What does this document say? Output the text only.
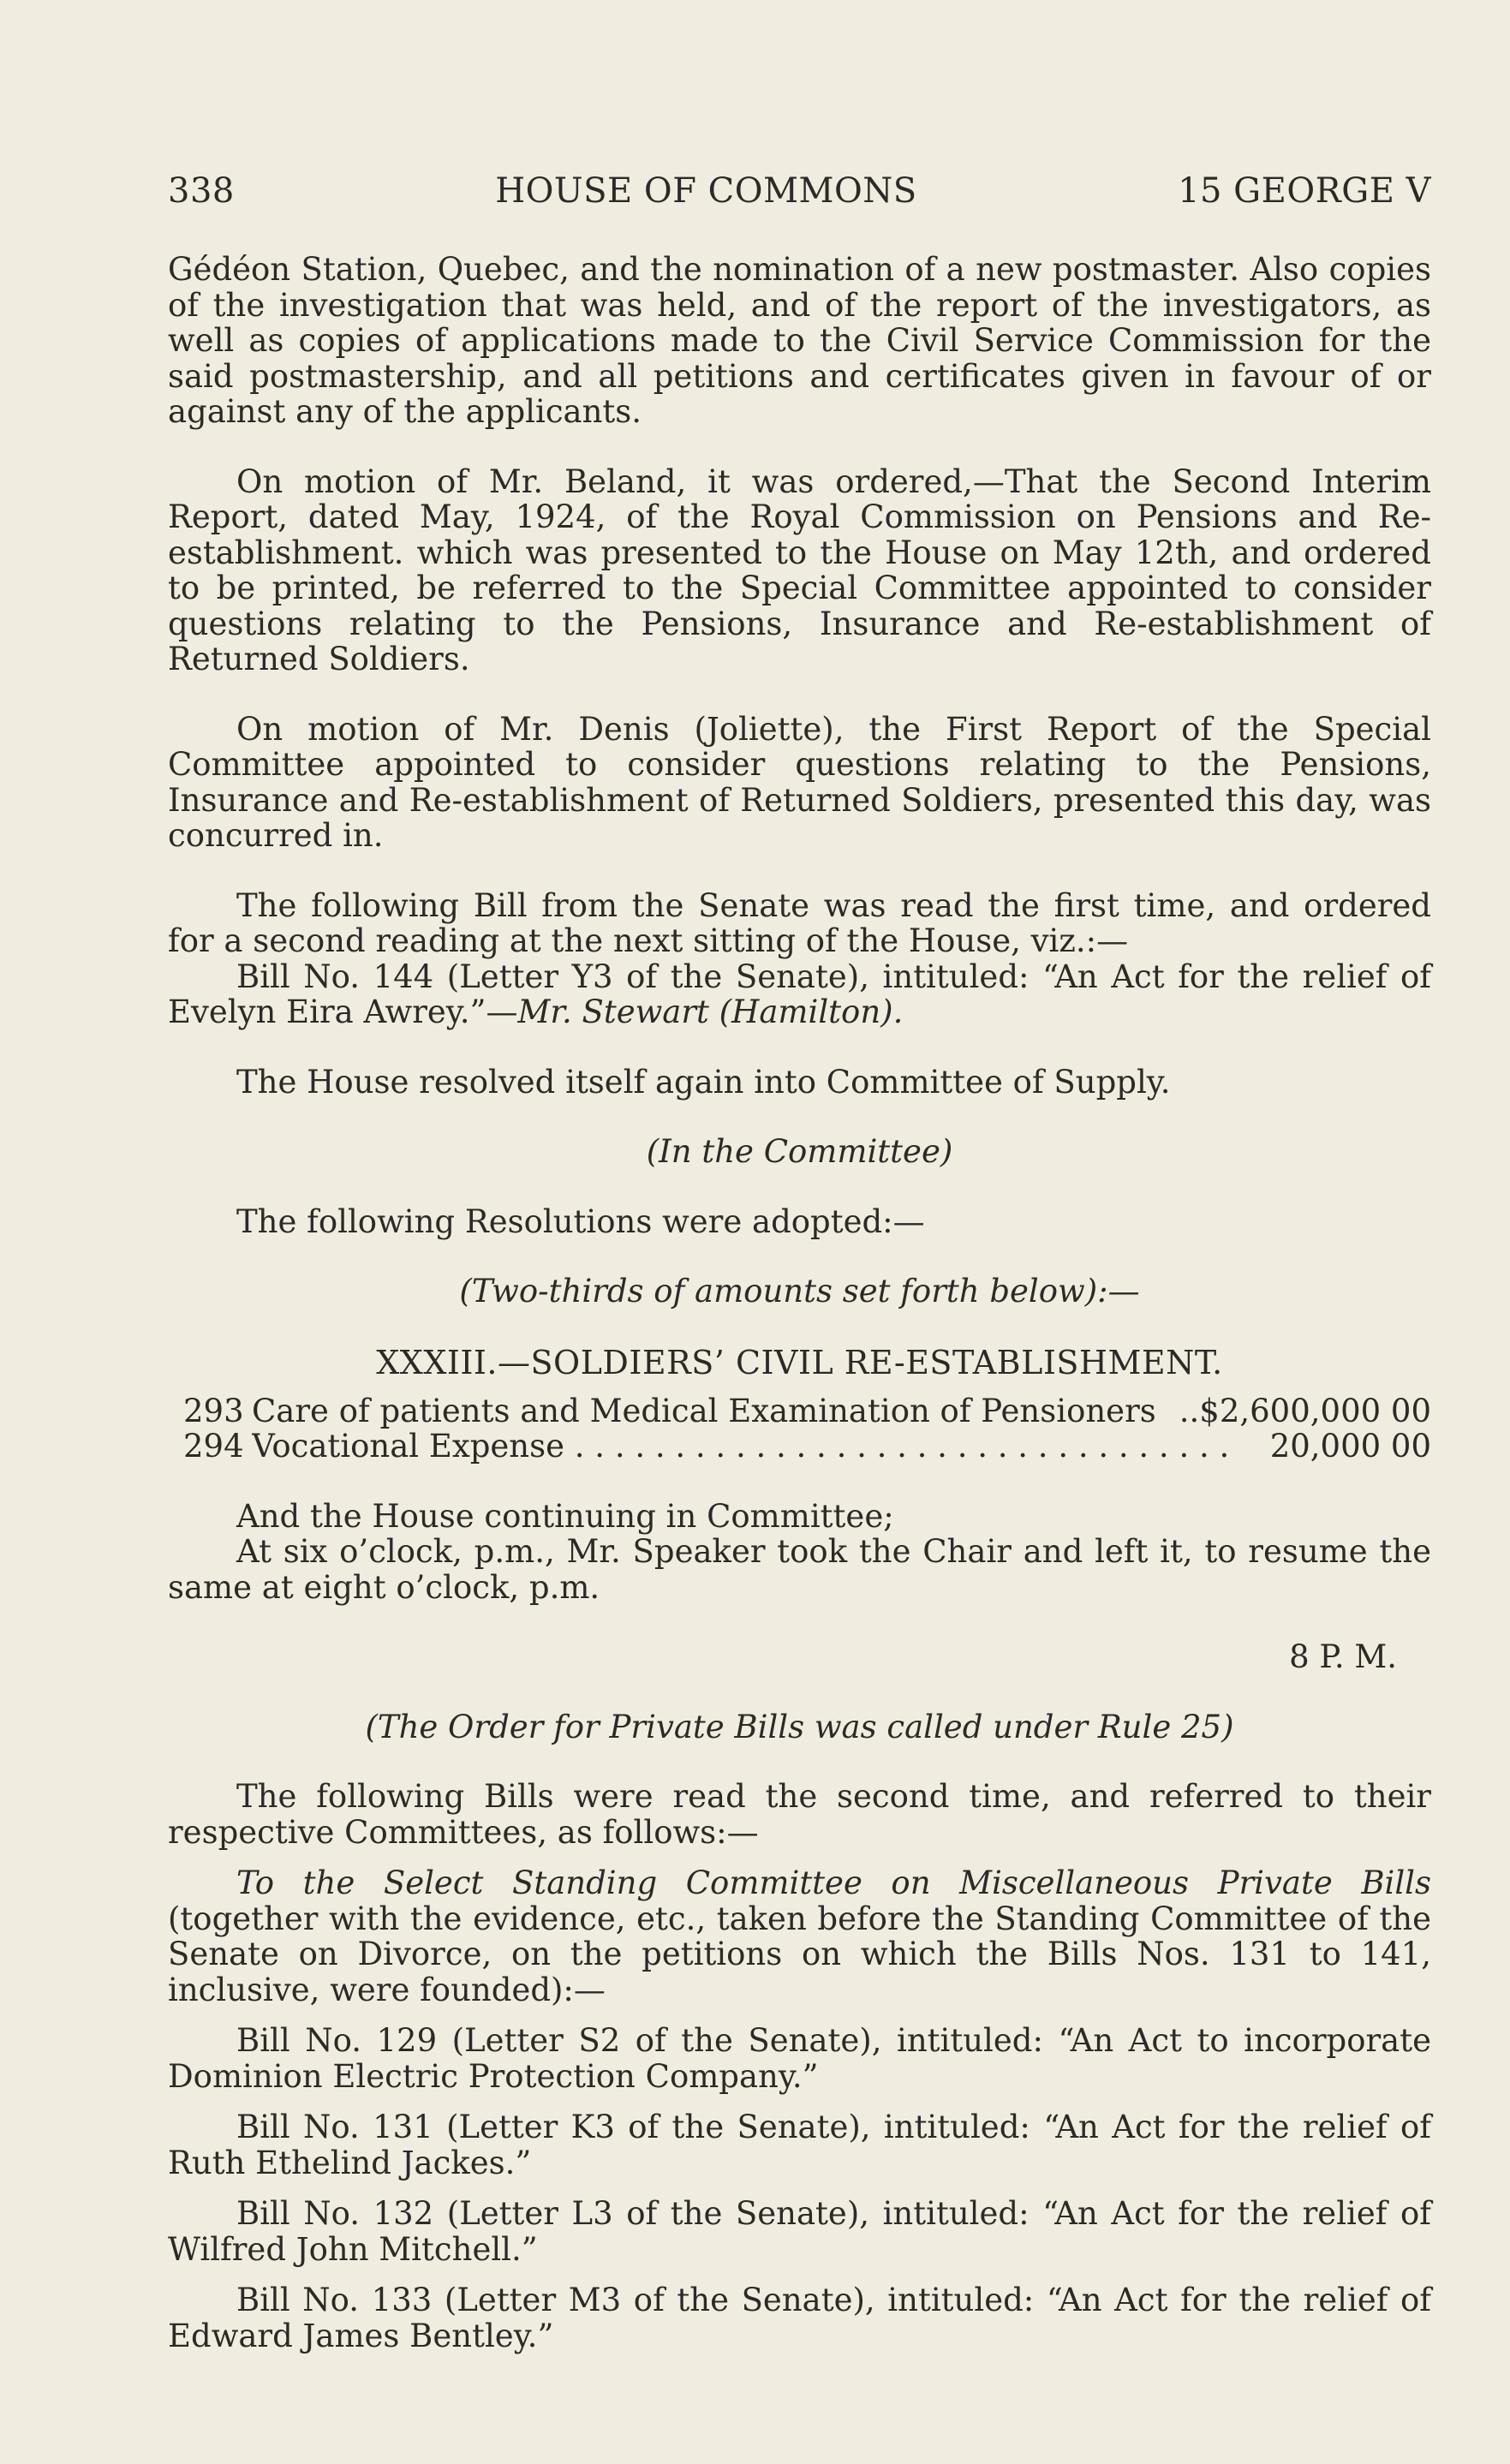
338	HOUSE OF COMMONS	15 GEORGE V

Gédéon Station, Quebec, and the nomination of a new postmaster. Also copies of the investigation that was held, and of the report of the investigators, as well as copies of applications made to the Civil Service Commission for the said postmastership, and all petitions and certificates given in favour of or against any of the applicants.

On motion of Mr. Beland, it was ordered,—That the Second Interim Report, dated May, 1924, of the Royal Commission on Pensions and Re-establishment. which was presented to the House on May 12th, and ordered to be printed, be referred to the Special Committee appointed to consider questions relating to the Pensions, Insurance and Re-establishment of Returned Soldiers.

On motion of Mr. Denis (Joliette), the First Report of the Special Committee appointed to consider questions relating to the Pensions, Insurance and Re-establishment of Returned Soldiers, presented this day, was concurred in.

The following Bill from the Senate was read the first time, and ordered for a second reading at the next sitting of the House, viz.:—

Bill No. 144 (Letter Y3 of the Senate), intituled: “An Act for the relief of Evelyn Eira Awrey.”—Mr. Stewart (Hamilton).

The House resolved itself again into Committee of Supply.

(In the Committee)

The following Resolutions were adopted:—

(Two-thirds of amounts set forth below):—

XXXIII.—SOLDIERS’ CIVIL RE-ESTABLISHMENT.

293 Care of patients and Medical Examination of Pensioners ..$2,600,000 00
294 Vocational Expense . . .	20,000 00

And the House continuing in Committee;

At six o’clock, p.m., Mr. Speaker took the Chair and left it, to resume the same at eight o’clock, p.m.

8 P. M.

(The Order for Private Bills was called under Rule 25)

The following Bills were read the second time, and referred to their respective Committees, as follows:—

To the Select Standing Committee on Miscellaneous Private Bills (together with the evidence, etc., taken before the Standing Committee of the Senate on Divorce, on the petitions on which the Bills Nos. 131 to 141, inclusive, were founded):—

Bill No. 129 (Letter S2 of the Senate), intituled: “An Act to incorporate Dominion Electric Protection Company.”

Bill No. 131 (Letter K3 of the Senate), intituled: “An Act for the relief of Ruth Ethelind Jackes.”

Bill No. 132 (Letter L3 of the Senate), intituled: “An Act for the relief of Wilfred John Mitchell.”

Bill No. 133 (Letter M3 of the Senate), intituled: “An Act for the relief of Edward James Bentley.”
